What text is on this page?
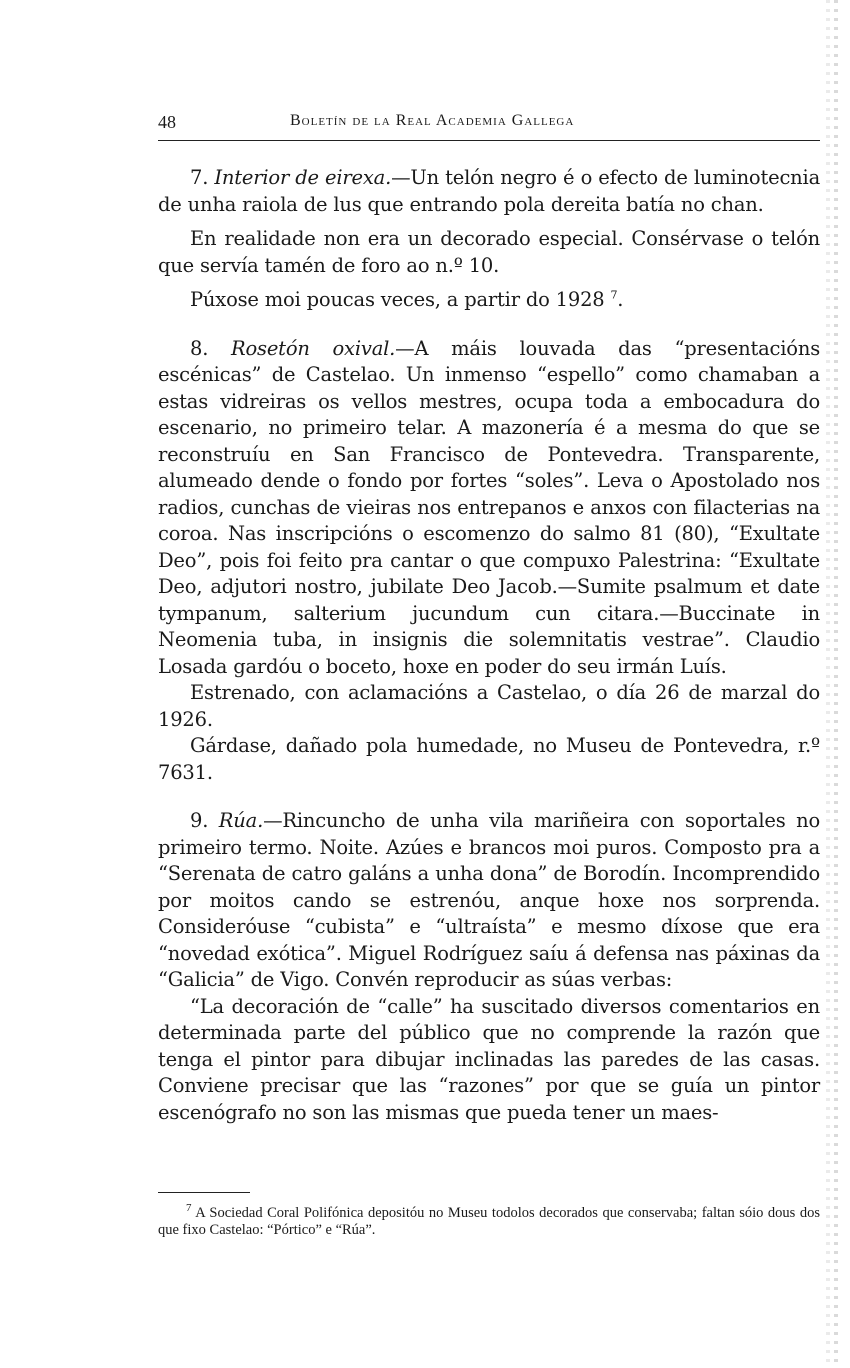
48	Boletín de la Real Academia Gallega

7. Interior de eirexa.—Un telón negro é o efecto de luminotecnia de unha raiola de lus que entrando pola dereita batía no chan.

En realidade non era un decorado especial. Consérvase o telón que servía tamén de foro ao n.º 10.

Púxose moi poucas veces, a partir do 1928 $^7$.

8. Rosetón oxival.—A máis louvada das “presentacións escénicas” de Castelao. Un inmenso “espello” como chamaban a estas vidreiras os vellos mestres, ocupa toda a embocadura do escenario, no primeiro telar. A mazonería é a mesma do que se reconstruíu en San Francisco de Pontevedra. Transparente, alumeado dende o fondo por fortes “soles”. Leva o Apostolado nos radios, cunchas de vieiras nos entrepanos e anxos con filacterias na coroa. Nas inscripcións o escomenzo do salmo 81 (80), “Exultate Deo”, pois foi feito pra cantar o que compuxo Palestrina: “Exultate Deo, adjutori nostro, jubilate Deo Jacob.—Sumite psalmum et date tympanum, salterium jucundum cun citara.—Buccinate in Neomenia tuba, in insignis die solemnitatis vestrae”. Claudio Losada gardóu o boceto, hoxe en poder do seu irmán Luís.

Estrenado, con aclamacións a Castelao, o día 26 de marzal do 1926.

Gárdase, dañado pola humedade, no Museu de Pontevedra, r.º 7631.

9. Rúa.—Rincuncho de unha vila mariñeira con soportales no primeiro termo. Noite. Azúes e brancos moi puros. Composto pra a “Serenata de catro galáns a unha dona” de Borodín. Incomprendido por moitos cando se estrenóu, anque hoxe nos sorprenda. Consideróuse “cubista” e “ultraísta” e mesmo díxose que era “novedad exótica”. Miguel Rodríguez saíu á defensa nas páxinas da “Galicia” de Vigo. Convén reproducir as súas verbas:

“La decoración de “calle” ha suscitado diversos comentarios en determinada parte del público que no comprende la razón que tenga el pintor para dibujar inclinadas las paredes de las casas. Conviene precisar que las “razones” por que se guía un pintor escenógrafo no son las mismas que pueda tener un maes-

$^7$ A Sociedad Coral Polifónica depositóu no Museu todolos decorados que conservaba; faltan sóio dous dos que fixo Castelao: “Pórtico” e “Rúa”.
